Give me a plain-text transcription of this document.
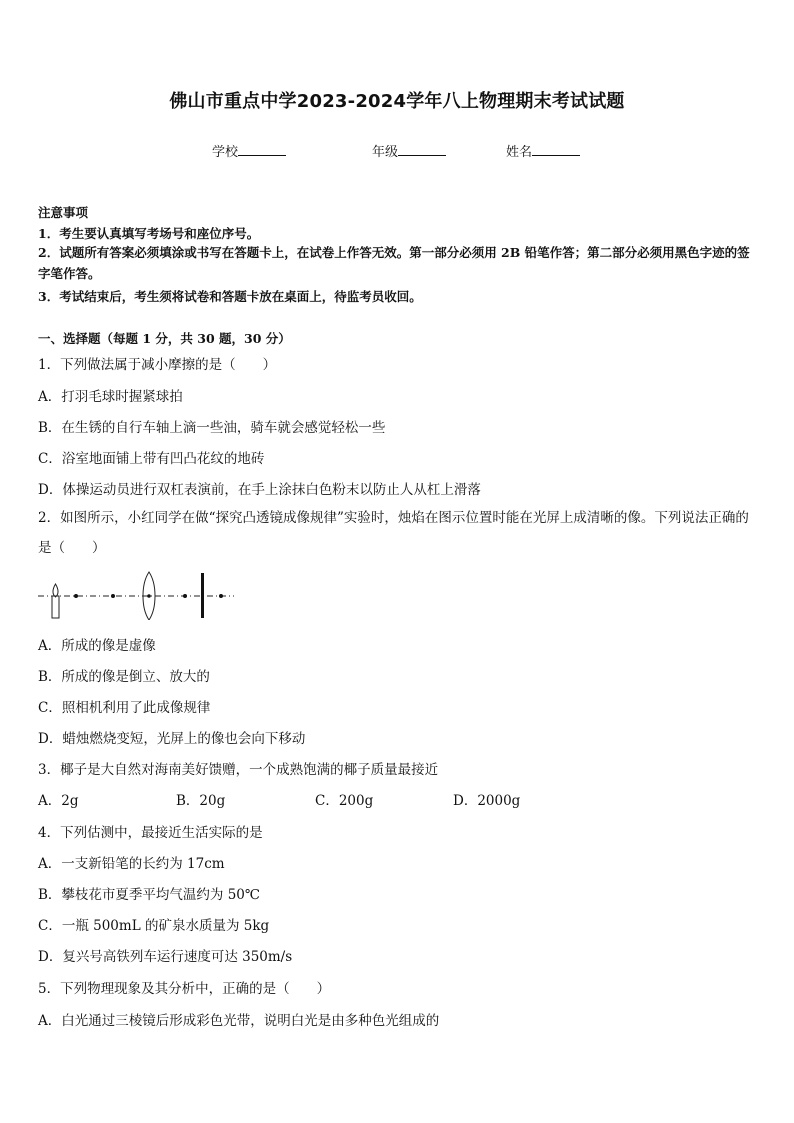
佛山市重点中学2023-2024学年八上物理期末考试试题
学校	年级	姓名
注意事项
1．考生要认真填写考场号和座位序号。
2．试题所有答案必须填涂或书写在答题卡上，在试卷上作答无效。第一部分必须用 2B 铅笔作答；第二部分必须用黑色字迹的签字笔作答。
3．考试结束后，考生须将试卷和答题卡放在桌面上，待监考员收回。
一、选择题（每题 1 分，共 30 题，30 分）
1．下列做法属于减小摩擦的是（　　）
A．打羽毛球时握紧球拍
B．在生锈的自行车轴上滴一些油，骑车就会感觉轻松一些
C．浴室地面铺上带有凹凸花纹的地砖
D．体操运动员进行双杠表演前，在手上涂抹白色粉末以防止人从杠上滑落
2．如图所示，小红同学在做“探究凸透镜成像规律”实验时，烛焰在图示位置时能在光屏上成清晰的像。下列说法正确的是（　　）
A．所成的像是虚像
B．所成的像是倒立、放大的
C．照相机利用了此成像规律
D．蜡烛燃烧变短，光屏上的像也会向下移动
3．椰子是大自然对海南美好馈赠，一个成熟饱满的椰子质量最接近
A．2g	B．20g	C．200g	D．2000g
4．下列估测中，最接近生活实际的是
A．一支新铅笔的长约为 17cm
B．攀枝花市夏季平均气温约为 50℃
C．一瓶 500mL 的矿泉水质量为 5kg
D．复兴号高铁列车运行速度可达 350m/s
5．下列物理现象及其分析中，正确的是（　　）
A．白光通过三棱镜后形成彩色光带，说明白光是由多种色光组成的
